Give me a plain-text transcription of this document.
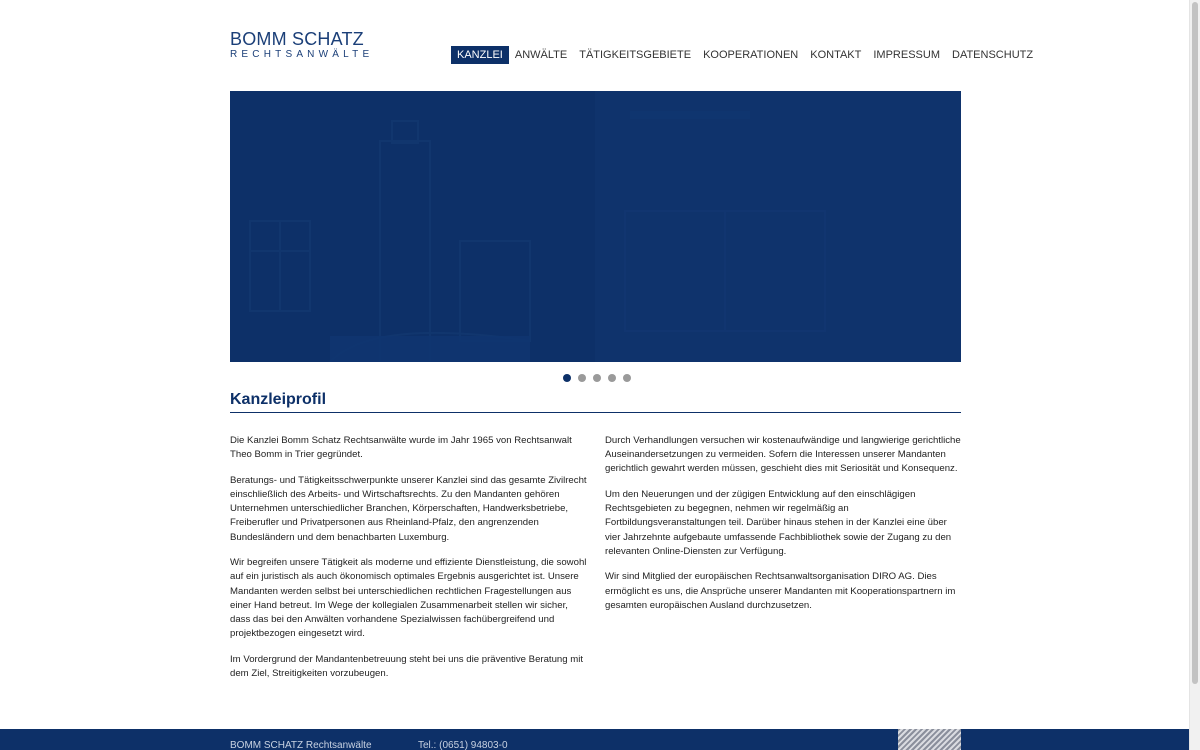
BOMM SCHATZ
RECHTSANWÄLTE	KANZLEI	ANWÄLTE	TÄTIGKEITSGEBIETE	KOOPERATIONEN	KONTAKT	IMPRESSUM	DATENSCHUTZ
Kanzleiprofil

Die Kanzlei Bomm Schatz Rechtsanwälte wurde im Jahr 1965 von Rechtsanwalt Theo Bomm in Trier gegründet.

Beratungs- und Tätigkeitsschwerpunkte unserer Kanzlei sind das gesamte Zivilrecht einschließlich des Arbeits- und Wirtschaftsrechts. Zu den Mandanten gehören Unternehmen unterschiedlicher Branchen, Körperschaften, Handwerksbetriebe, Freiberufler und Privatpersonen aus Rheinland-Pfalz, den angrenzenden Bundesländern und dem benachbarten Luxemburg.

Wir begreifen unsere Tätigkeit als moderne und effiziente Dienstleistung, die sowohl auf ein juristisch als auch ökonomisch optimales Ergebnis ausgerichtet ist. Unsere Mandanten werden selbst bei unterschiedlichen rechtlichen Fragestellungen aus einer Hand betreut. Im Wege der kollegialen Zusammenarbeit stellen wir sicher, dass das bei den Anwälten vorhandene Spezialwissen fachübergreifend und projektbezogen eingesetzt wird.

Im Vordergrund der Mandantenbetreuung steht bei uns die präventive Beratung mit dem Ziel, Streitigkeiten vorzubeugen.

Durch Verhandlungen versuchen wir kostenaufwändige und langwierige gerichtliche Auseinandersetzungen zu vermeiden. Sofern die Interessen unserer Mandanten gerichtlich gewahrt werden müssen, geschieht dies mit Seriosität und Konsequenz.

Um den Neuerungen und der zügigen Entwicklung auf den einschlägigen Rechtsgebieten zu begegnen, nehmen wir regelmäßig an Fortbildungsveranstaltungen teil. Darüber hinaus stehen in der Kanzlei eine über vier Jahrzehnte aufgebaute umfassende Fachbibliothek sowie der Zugang zu den relevanten Online-Diensten zur Verfügung.

Wir sind Mitglied der europäischen Rechtsanwaltsorganisation DIRO AG. Dies ermöglicht es uns, die Ansprüche unserer Mandanten mit Kooperationspartnern im gesamten europäischen Ausland durchzusetzen.

BOMM SCHATZ Rechtsanwälte	Tel.: (0651) 94803-0
